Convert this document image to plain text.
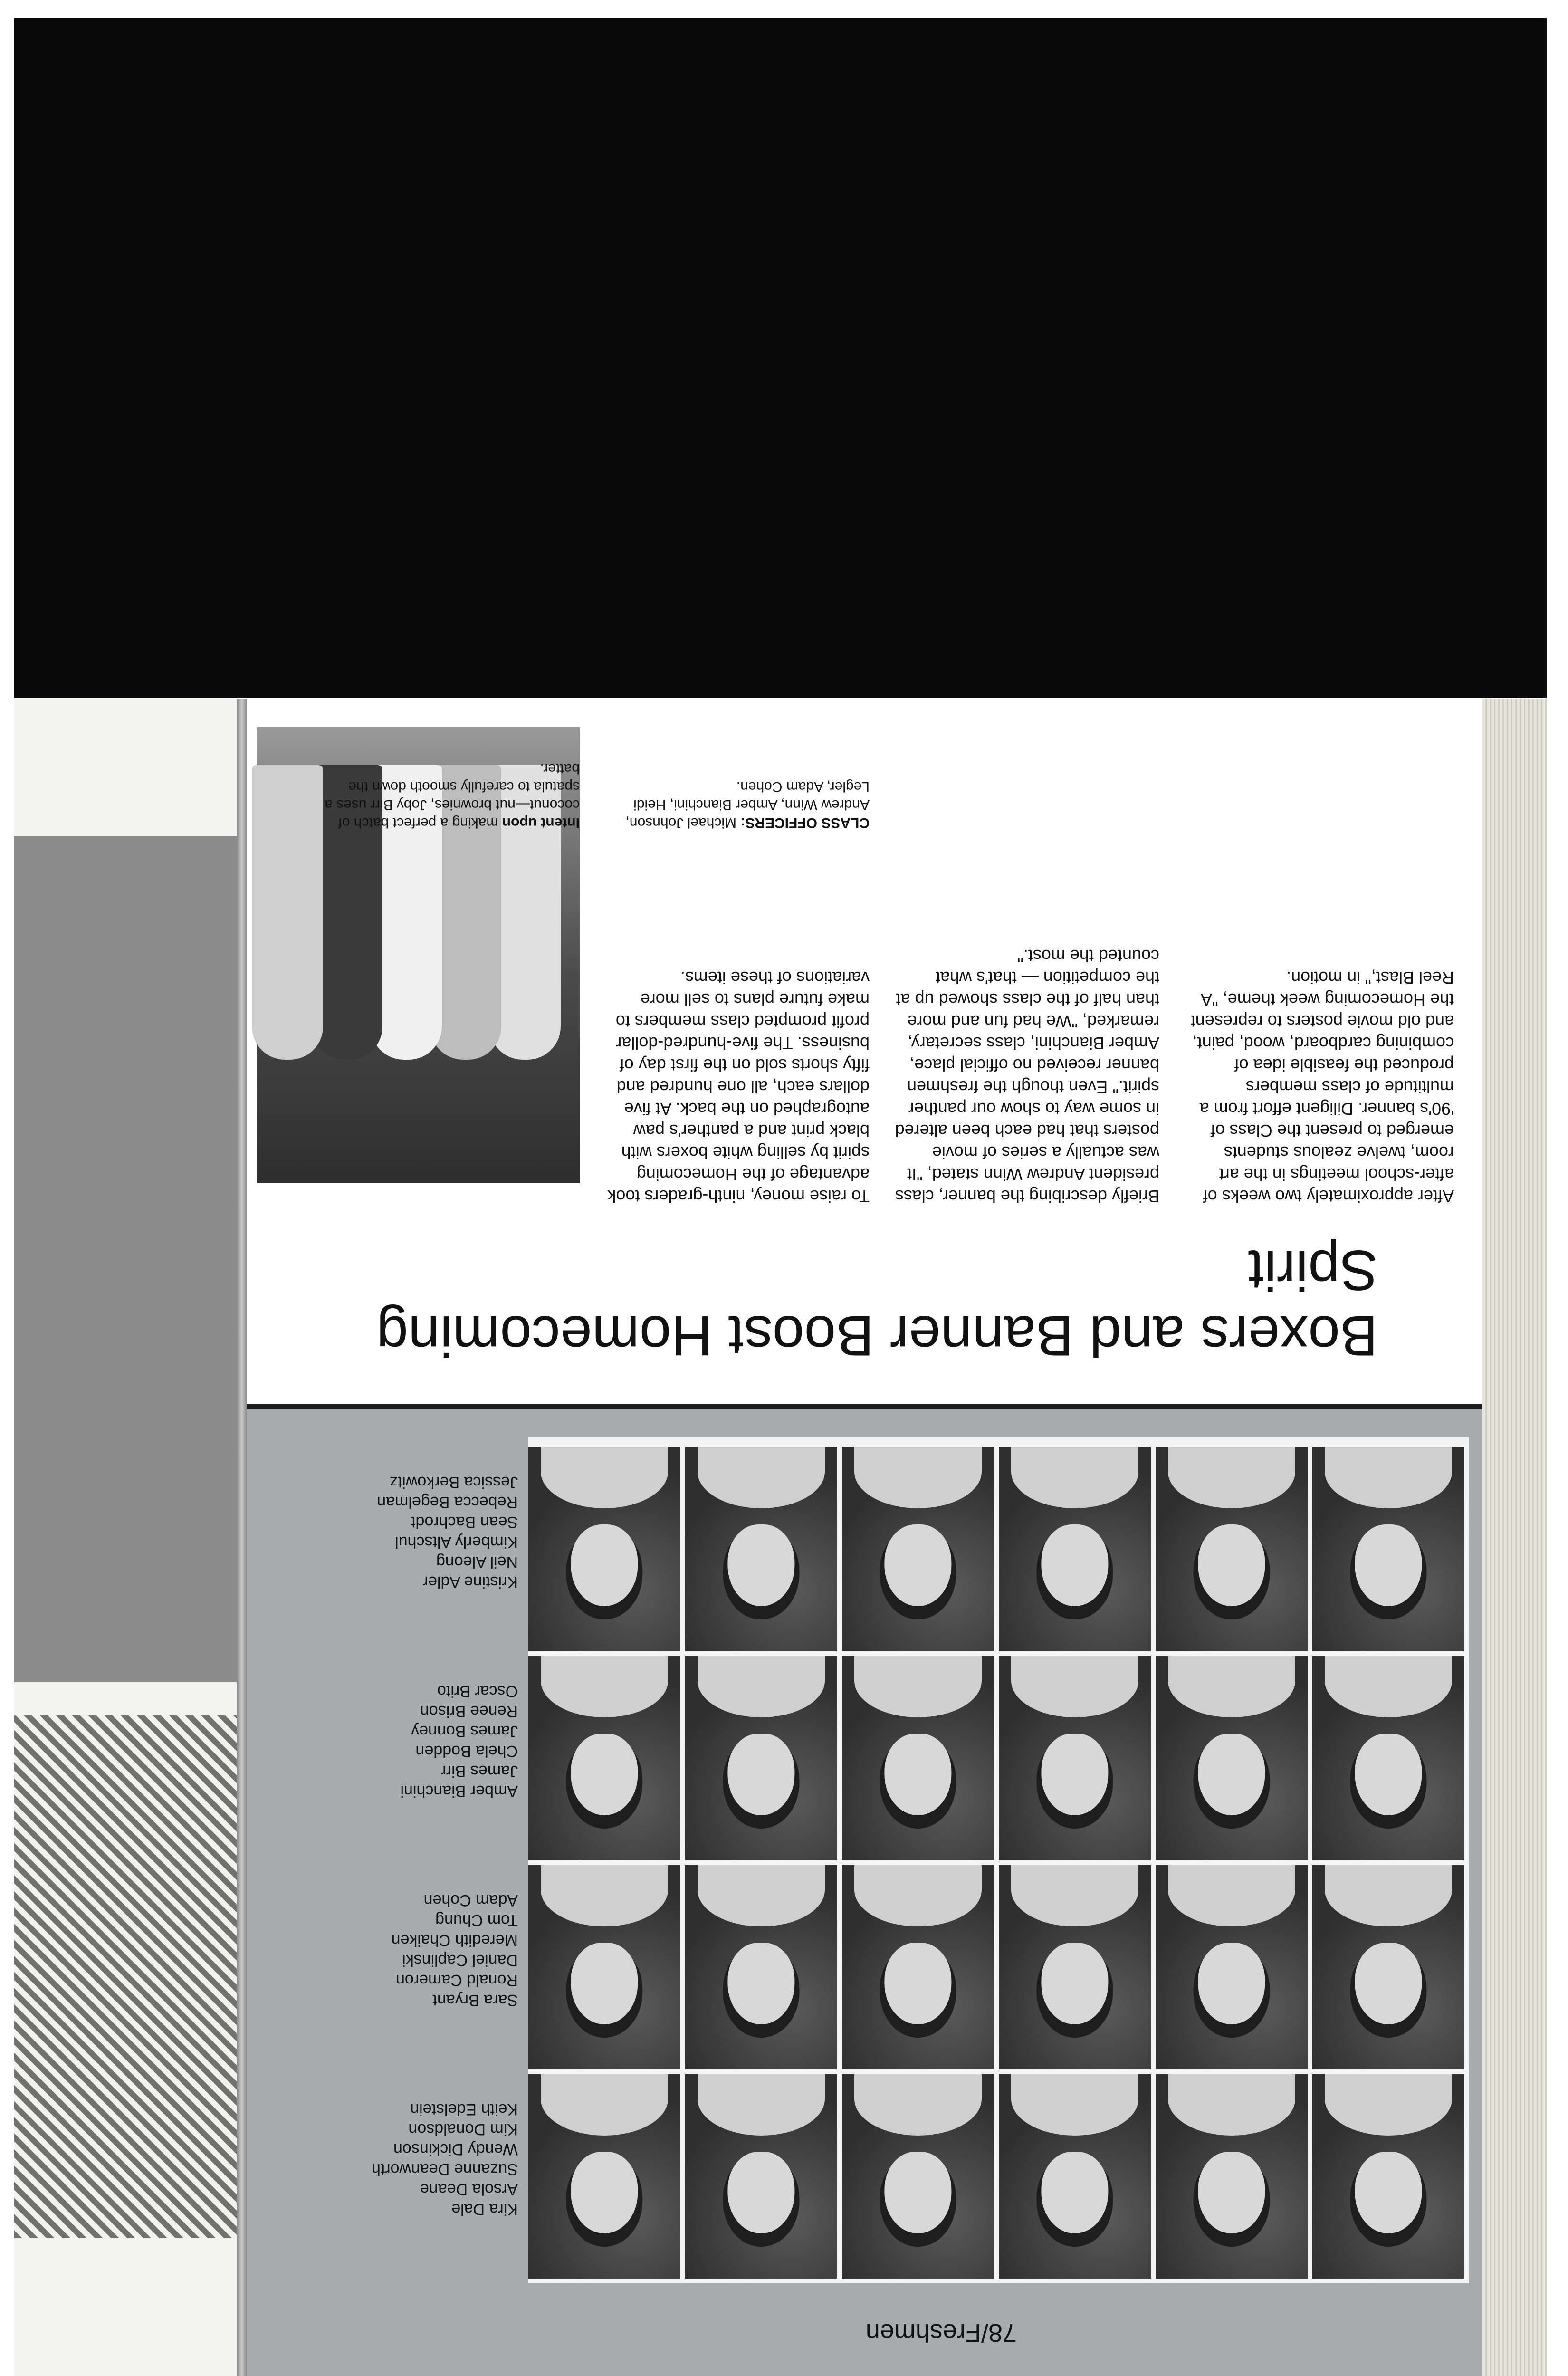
78/Freshmen
Kira Dale
Arsola Deane
Suzanne Deanworth
Wendy Dickinson
Kim Donaldson
Keith Edelstein
Sara Bryant
Ronald Cameron
Daniel Caplinski
Meredith Chaiken
Tom Chung
Adam Cohen
Amber Bianchini
James Birr
Chela Bodden
James Bonney
Renee Brison
Oscar Brito
Kristine Adler
Neil Aleong
Kimberly Altschul
Sean Bachrodt
Rebecca Begelman
Jessica Berkowitz
Boxers and Banner Boost Homecoming Spirit

After approximately two weeks of after-school meetings in the art room, twelve zealous students emerged to present the Class of '90's banner. Diligent effort from a multitude of class members produced the feasible idea of combining cardboard, wood, paint, and old movie posters to represent the Homecoming week theme, "A Reel Blast," in motion.

Briefly describing the banner, class president Andrew Winn stated, "It was actually a series of movie posters that had each been altered in some way to show our panther spirit." Even though the freshmen banner received no official place, Amber Bianchini, class secretary, remarked, "We had fun and more than half of the class showed up at the competition — that's what counted the most."

To raise money, ninth-graders took advantage of the Homecoming spirit by selling white boxers with black print and a panther's paw autographed on the back. At five dollars each, all one hundred and fifty shorts sold on the first day of business. The five-hundred-dollar profit prompted class members to make future plans to sell more variations of these items.

CLASS OFFICERS: Michael Johnson, Andrew Winn, Amber Bianchini, Heidi Legler, Adam Cohen.
Intent upon making a perfect batch of coconut—nut brownies, Joby Birr uses a spatula to carefully smooth down the batter.
